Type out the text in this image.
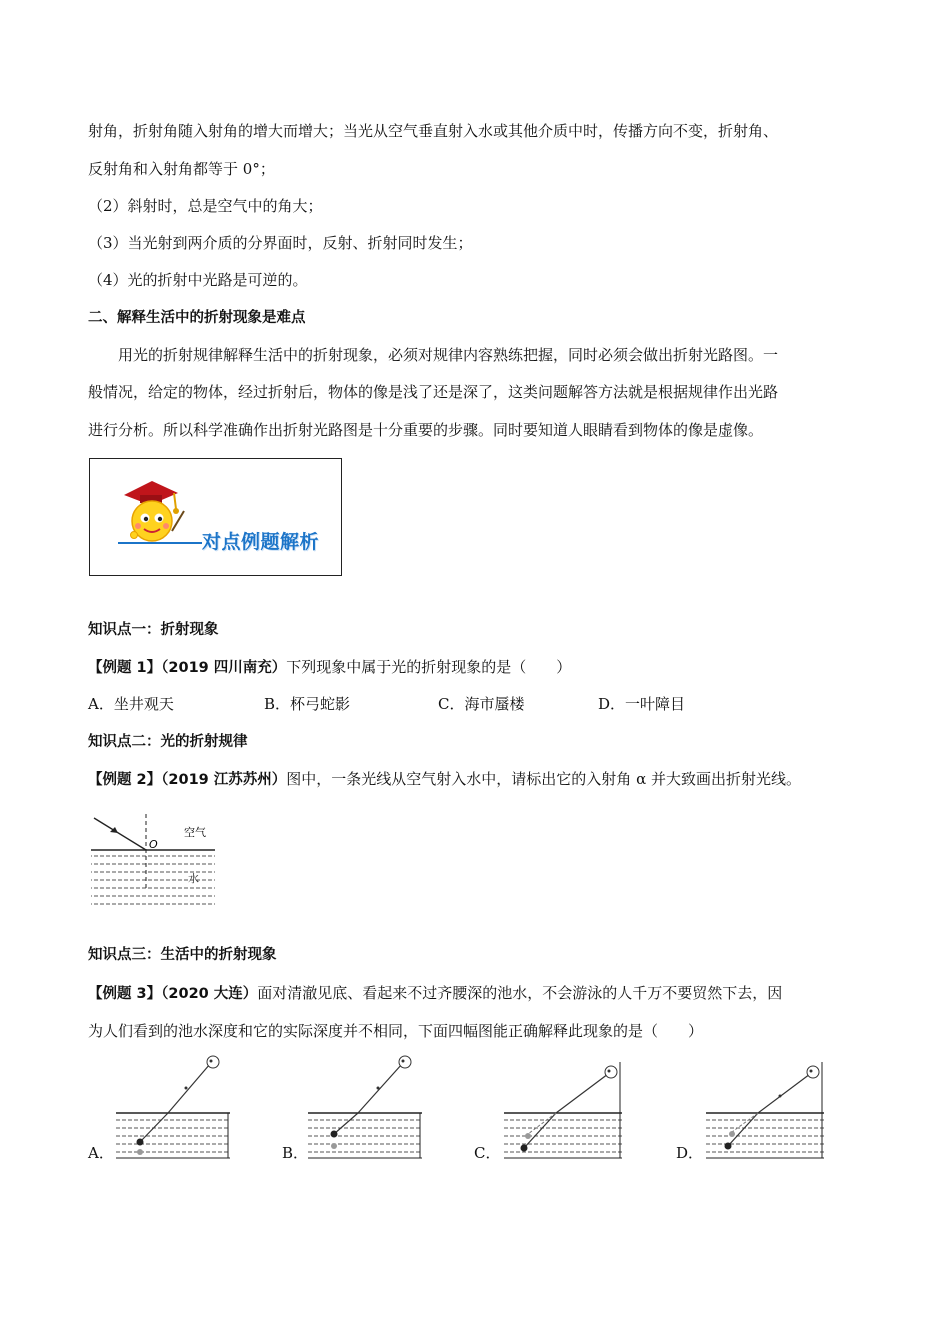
射角，折射角随入射角的增大而增大；当光从空气垂直射入水或其他介质中时，传播方向不变，折射角、
反射角和入射角都等于 0°；
（2）斜射时，总是空气中的角大；
（3）当光射到两介质的分界面时，反射、折射同时发生；
（4）光的折射中光路是可逆的。
二、解释生活中的折射现象是难点
用光的折射规律解释生活中的折射现象，必须对规律内容熟练把握，同时必须会做出折射光路图。一
般情况，给定的物体，经过折射后，物体的像是浅了还是深了，这类问题解答方法就是根据规律作出光路
进行分析。所以科学准确作出折射光路图是十分重要的步骤。同时要知道人眼睛看到物体的像是虚像。
对点例题解析
知识点一：折射现象
【例题 1】（2019 四川南充）下列现象中属于光的折射现象的是（　　）
A．坐井观天	B．杯弓蛇影	C．海市蜃楼	D．一叶障目
知识点二：光的折射规律
【例题 2】（2019 江苏苏州）图中，一条光线从空气射入水中，请标出它的入射角 α 并大致画出折射光线。
O
空气
水
知识点三：生活中的折射现象
【例题 3】（2020 大连）面对清澈见底、看起来不过齐腰深的池水，不会游泳的人千万不要贸然下去，因
为人们看到的池水深度和它的实际深度并不相同，下面四幅图能正确解释此现象的是（　　）
A．	B．	C．	D．
